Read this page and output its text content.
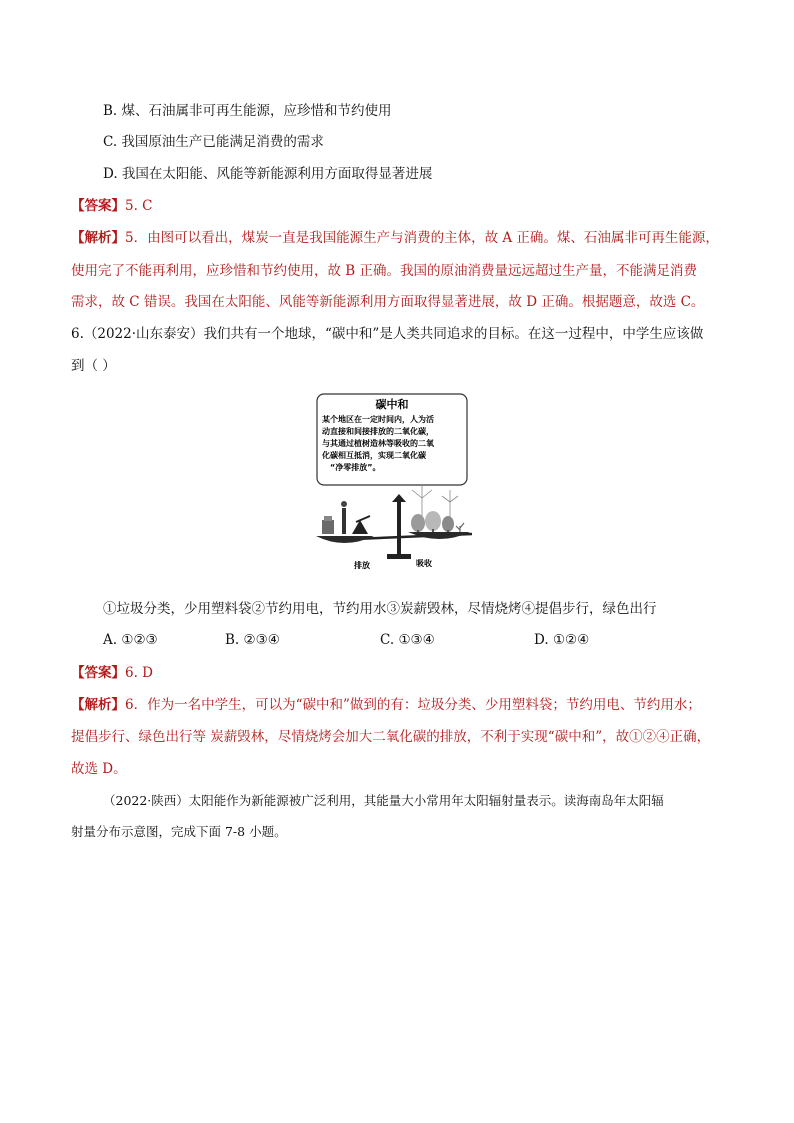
B. 煤、石油属非可再生能源，应珍惜和节约使用
C. 我国原油生产已能满足消费的需求
D. 我国在太阳能、风能等新能源利用方面取得显著进展
【答案】5. C
【解析】5．由图可以看出，煤炭一直是我国能源生产与消费的主体，故 A 正确。煤、石油属非可再生能源，
使用完了不能再利用，应珍惜和节约使用，故 B 正确。我国的原油消费量远远超过生产量，不能满足消费
需求，故 C 错误。我国在太阳能、风能等新能源利用方面取得显著进展，故 D 正确。根据题意，故选 C。
6.（2022·山东泰安）我们共有一个地球，“碳中和”是人类共同追求的目标。在这一过程中，中学生应该做
到（ ）
碳中和
某个地区在一定时间内，人为活
动直接和间接排放的二氧化碳，
与其通过植树造林等吸收的二氧
化碳相互抵消，实现二氧化碳
“净零排放”。
排放	吸收
①垃圾分类，少用塑料袋②节约用电，节约用水③炭薪毁林，尽情烧烤④提倡步行，绿色出行
A. ①②③	B. ②③④	C. ①③④	D. ①②④
【答案】6. D
【解析】6．作为一名中学生，可以为“碳中和”做到的有：垃圾分类、少用塑料袋；节约用电、节约用水；
提倡步行、绿色出行等 炭薪毁林，尽情烧烤会加大二氧化碳的排放，不利于实现“碳中和”，故①②④正确，
故选 D。
（2022·陕西）太阳能作为新能源被广泛利用，其能量大小常用年太阳辐射量表示。读海南岛年太阳辐
射量分布示意图，完成下面 7-8 小题。
